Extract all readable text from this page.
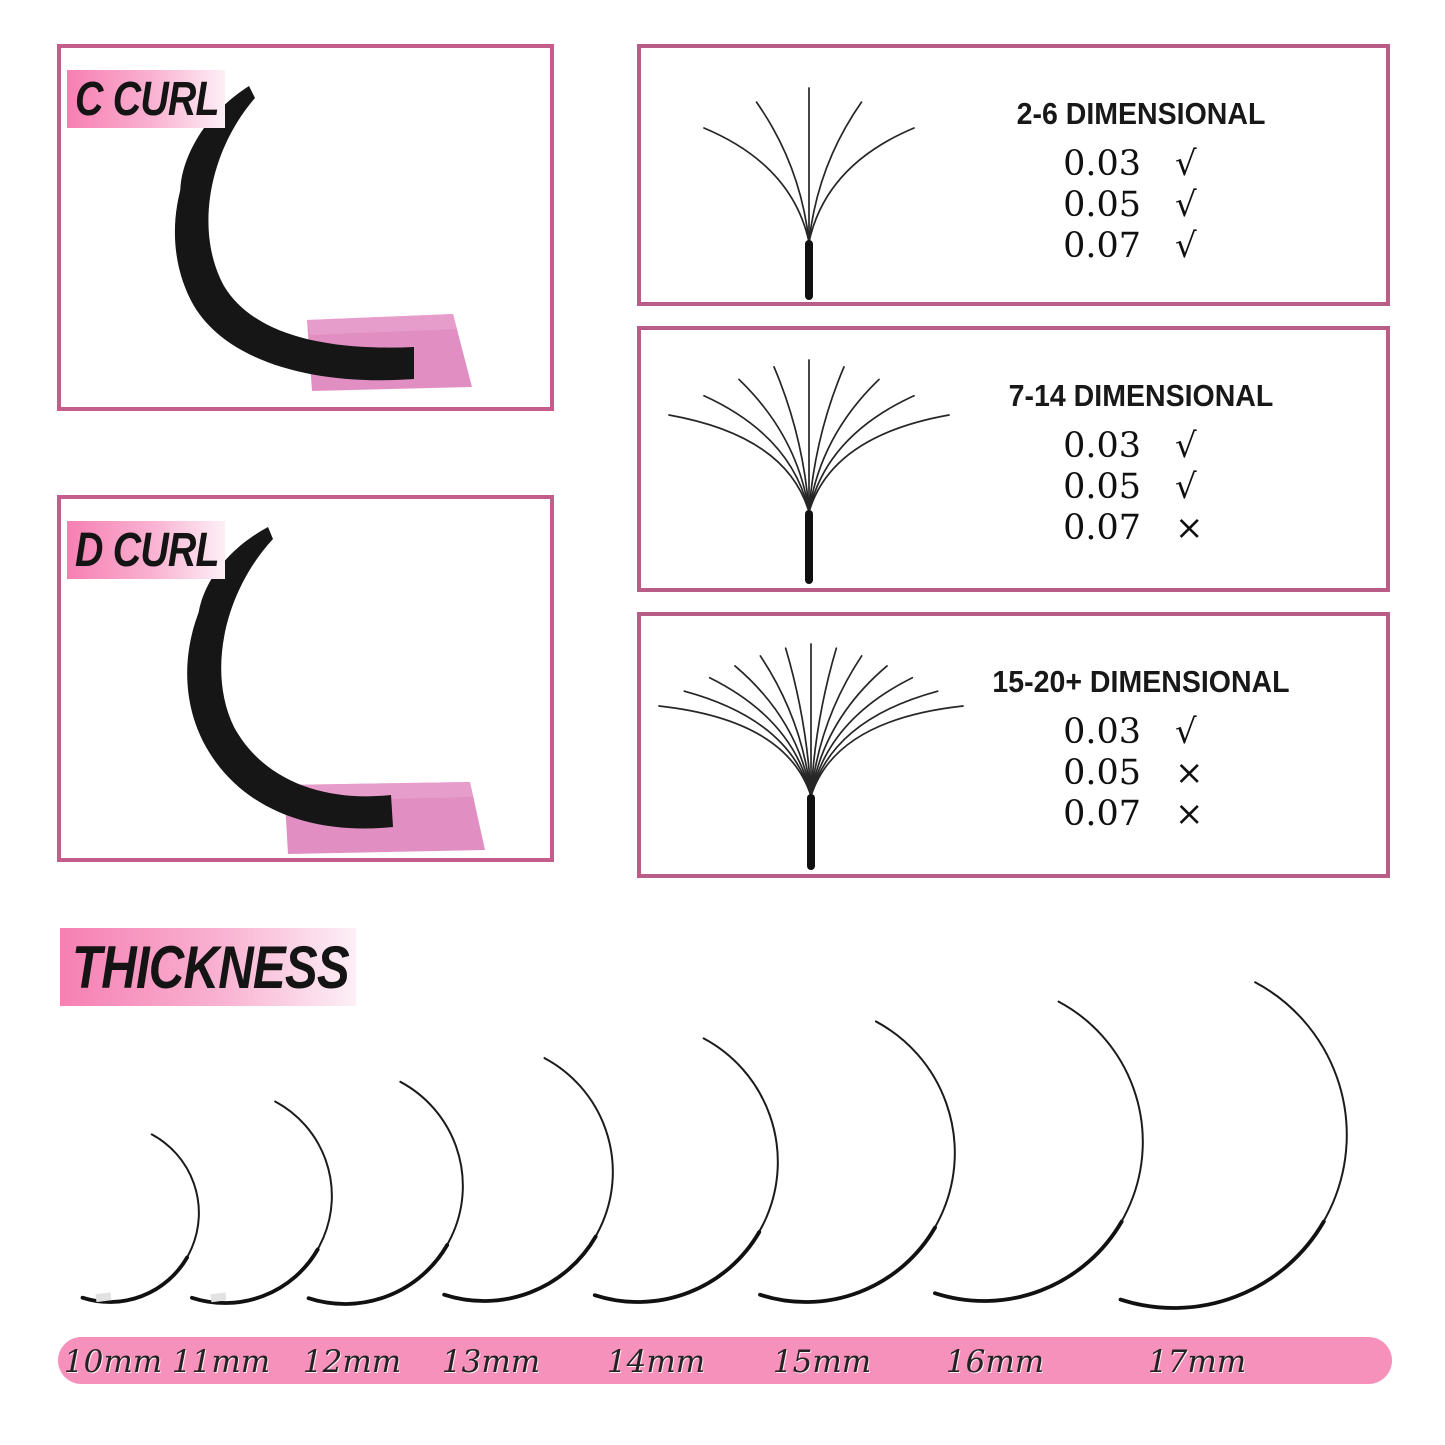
C CURL
D CURL
2-6 DIMENSIONAL
0.03	√
0.05	√
0.07	√
7-14 DIMENSIONAL
0.03	√
0.05	√
0.07	×
15-20+ DIMENSIONAL
0.03	√
0.05	×
0.07	×
THICKNESS
10mm 11mm 12mm 13mm 14mm 15mm 16mm	17mm
